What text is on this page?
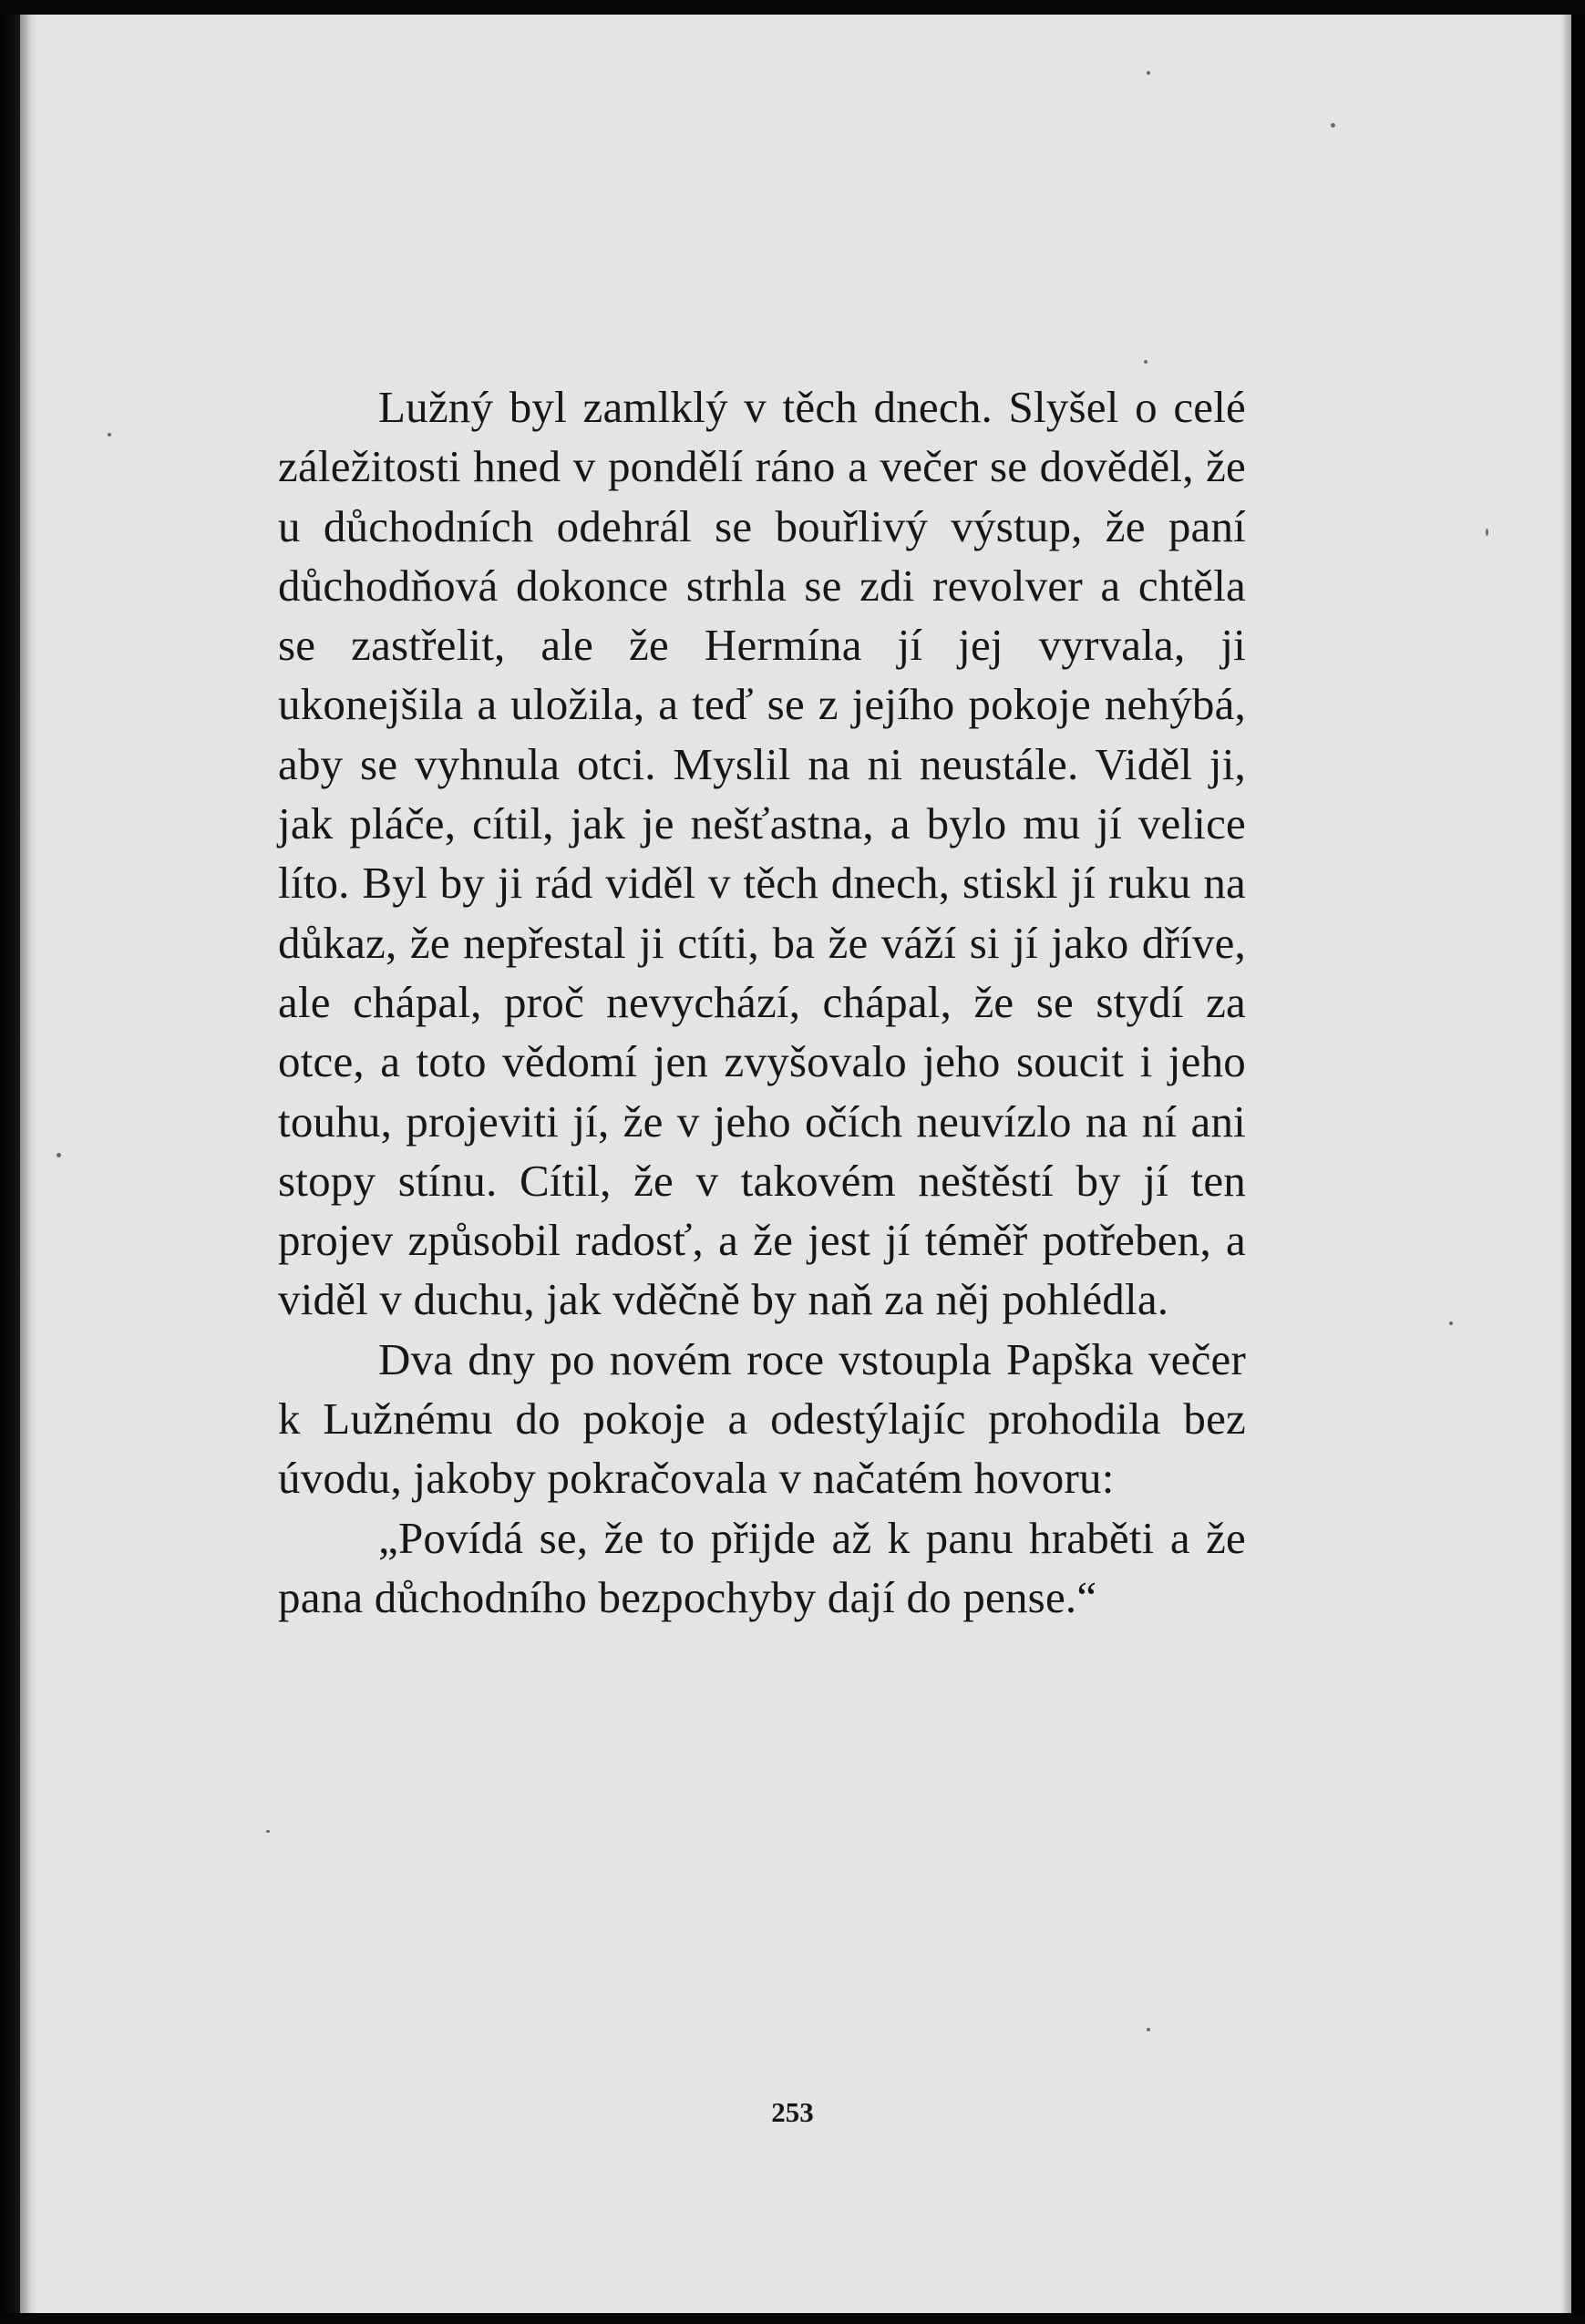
Lužný byl zamlklý v těch dnech. Slyšel o celé záležitosti hned v pondělí ráno a večer se dověděl, že u důchodních odehrál se bouřlivý výstup, že paní důchodňová dokonce strhla se zdi revolver a chtěla se zastřelit, ale že Hermína jí jej vyrvala, ji ukonejšila a uložila, a teď se z jejího pokoje nehýbá, aby se vyhnula otci. Myslil na ni neustále. Viděl ji, jak pláče, cítil, jak je nešťastna, a bylo mu jí velice líto. Byl by ji rád viděl v těch dnech, stiskl jí ruku na důkaz, že nepřestal ji ctíti, ba že váží si jí jako dříve, ale chápal, proč nevychází, chápal, že se stydí za otce, a toto vědomí jen zvyšovalo jeho soucit i jeho touhu, projeviti jí, že v jeho očích neuvízlo na ní ani stopy stínu. Cítil, že v takovém neštěstí by jí ten projev způsobil radosť, a že jest jí téměř potřeben, a viděl v duchu, jak vděčně by naň za něj pohlédla.

Dva dny po novém roce vstoupla Papška večer k Lužnému do pokoje a odestýlajíc prohodila bez úvodu, jakoby pokračovala v načatém hovoru:

„Povídá se, že to přijde až k panu hraběti a že pana důchodního bezpochyby dají do pense.“

253
